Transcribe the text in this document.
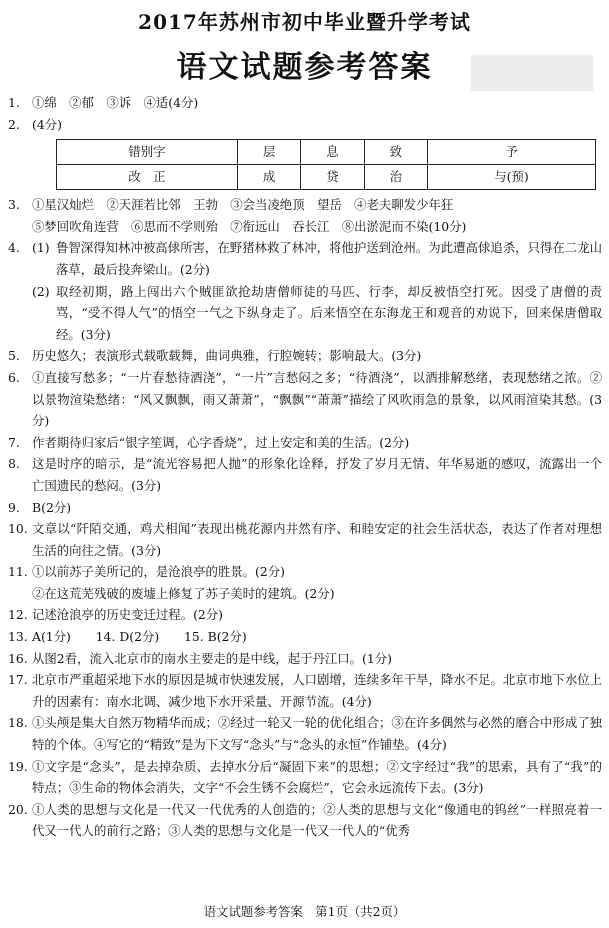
2017年苏州市初中毕业暨升学考试
语文试题参考答案
1. ①绵　②郁　③诉　④适(4分)
2. (4分)
错别字	层	息	致	予
改　正	成	贷	治	与(预)
3. ①星汉灿烂　②天涯若比邻　王勃　③会当凌绝顶　望岳　④老夫聊发少年狂
⑤梦回吹角连营　⑥思而不学则殆　⑦衔远山　吞长江　⑧出淤泥而不染(10分)
4. (1) 鲁智深得知林冲被高俅所害，在野猪林救了林冲，将他护送到沧州。为此遭高俅追杀，只得在二龙山落草，最后投奔梁山。(2分)
(2) 取经初期，路上闯出六个贼匪欲抢劫唐僧师徒的马匹、行李，却反被悟空打死。因受了唐僧的责骂，“受不得人气”的悟空一气之下纵身走了。后来悟空在东海龙王和观音的劝说下，回来保唐僧取经。(3分)
5. 历史悠久；表演形式载歌载舞，曲词典雅，行腔婉转；影响最大。(3分)
6. ①直接写愁多；“一片春愁待酒浇”，“一片”言愁闷之多；“待酒浇”，以酒排解愁绪，表现愁绪之浓。②以景物渲染愁绪：“风又飘飘，雨又萧萧”，“飘飘”“萧萧”描绘了风吹雨急的景象，以风雨渲染其愁。(3分)
7. 作者期待归家后“银字笙调，心字香烧”，过上安定和美的生活。(2分)
8. 这是时序的暗示，是“流光容易把人抛”的形象化诠释，抒发了岁月无情、年华易逝的感叹，流露出一个亡国遗民的愁闷。(3分)
9. B(2分)
10. 文章以“阡陌交通，鸡犬相闻”表现出桃花源内井然有序、和睦安定的社会生活状态，表达了作者对理想生活的向往之情。(3分)
11. ①以前苏子美所记的，是沧浪亭的胜景。(2分)
②在这荒芜残破的废墟上修复了苏子美时的建筑。(2分)
12. 记述沧浪亭的历史变迁过程。(2分)
13. A(1分)　　14. D(2分)　　15. B(2分)
16. 从图2看，流入北京市的南水主要走的是中线，起于丹江口。(1分)
17. 北京市严重超采地下水的原因是城市快速发展，人口剧增，连续多年干旱，降水不足。北京市地下水位上升的因素有：南水北调、减少地下水开采量、开源节流。(4分)
18. ①头颅是集大自然万物精华而成；②经过一轮又一轮的优化组合；③在许多偶然与必然的磨合中形成了独特的个体。④写它的“精致”是为下文写“念头”与“念头的永恒”作铺垫。(4分)
19. ①文字是“念头”，是去掉杂质、去掉水分后“凝固下来”的思想；②文字经过“我”的思索，具有了“我”的特点；③生命的物体会消失，文字“不会生锈不会腐烂”，它会永远流传下去。(3分)
20. ①人类的思想与文化是一代又一代优秀的人创造的；②人类的思想与文化“像通电的钨丝”一样照亮着一代又一代人的前行之路；③人类的思想与文化是一代又一代人的“优秀
语文试题参考答案　第1页（共2页）
